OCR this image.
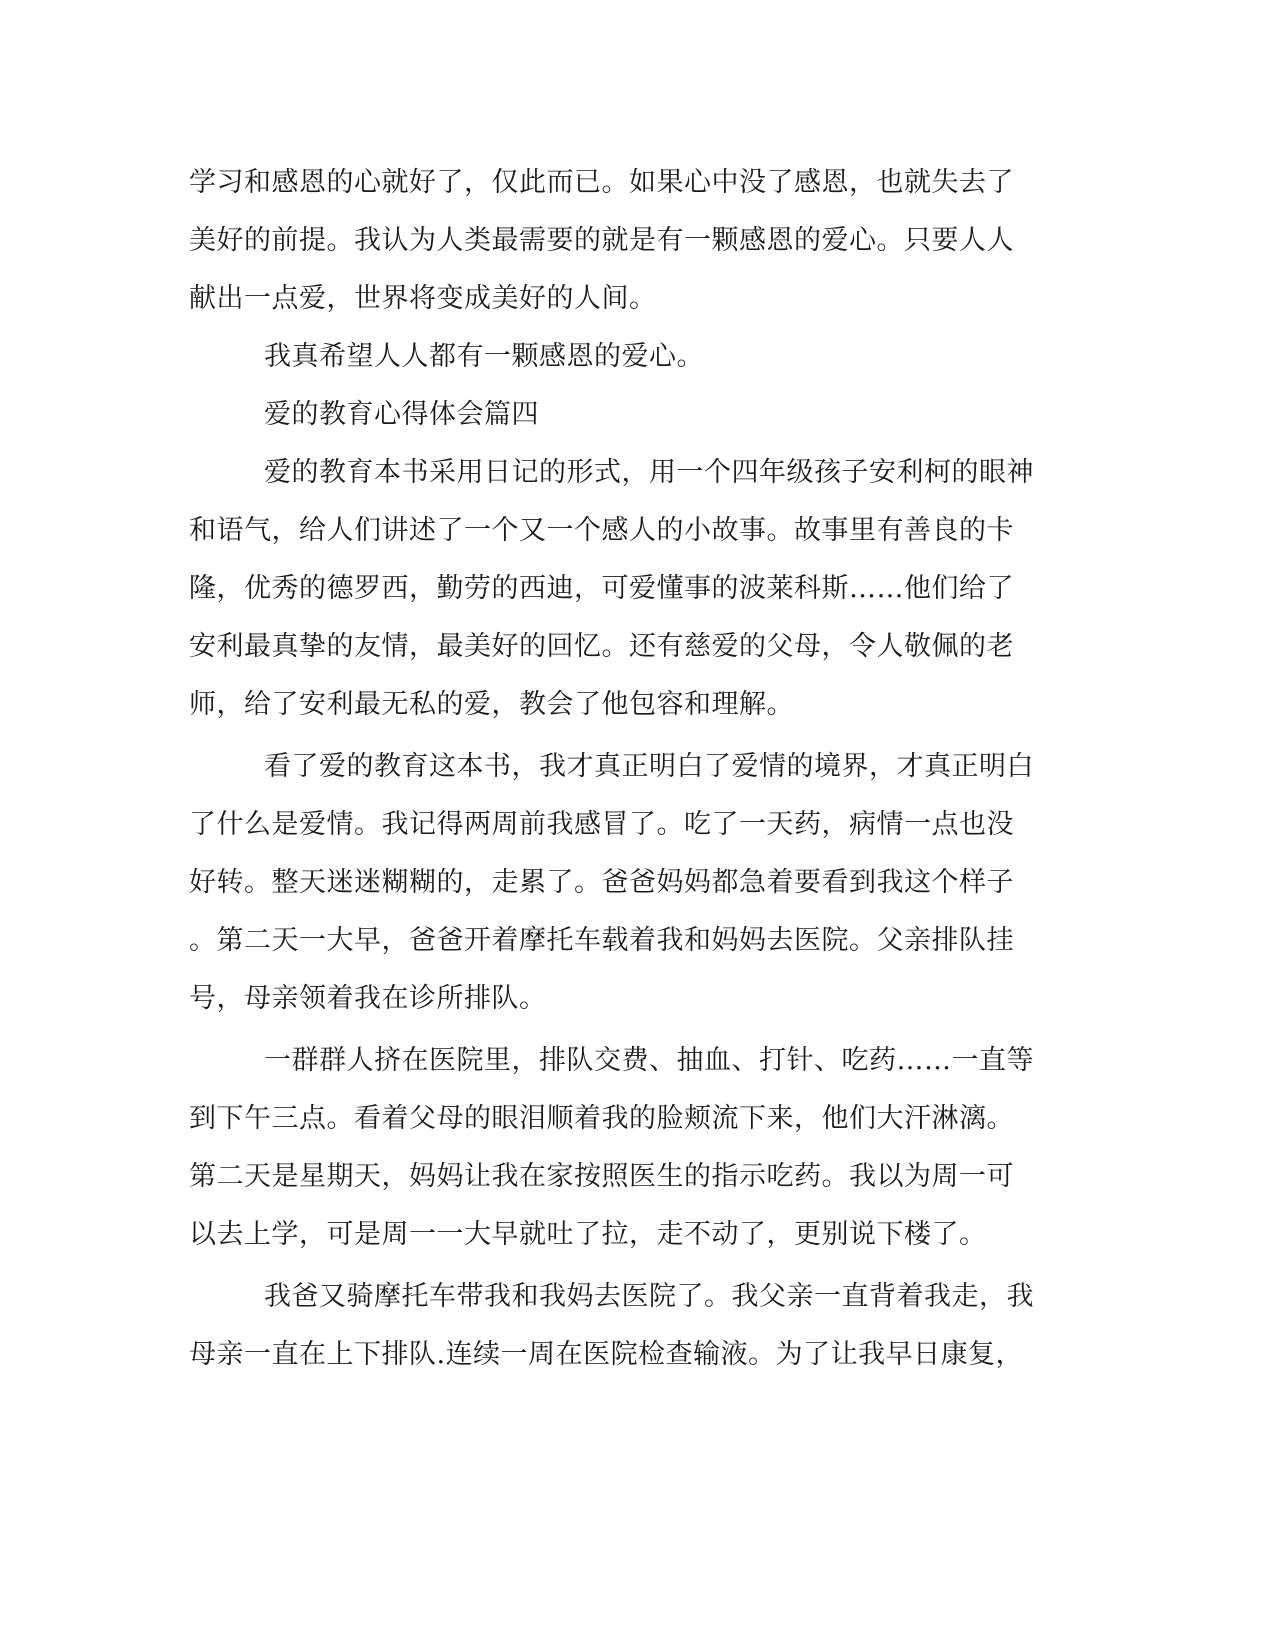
学习和感恩的心就好了，仅此而已。如果心中没了感恩，也就失去了
美好的前提。我认为人类最需要的就是有一颗感恩的爱心。只要人人
献出一点爱，世界将变成美好的人间。
我真希望人人都有一颗感恩的爱心。
爱的教育心得体会篇四
爱的教育本书采用日记的形式，用一个四年级孩子安利柯的眼神
和语气，给人们讲述了一个又一个感人的小故事。故事里有善良的卡
隆，优秀的德罗西，勤劳的西迪，可爱懂事的波莱科斯……他们给了
安利最真挚的友情，最美好的回忆。还有慈爱的父母，令人敬佩的老
师，给了安利最无私的爱，教会了他包容和理解。
看了爱的教育这本书，我才真正明白了爱情的境界，才真正明白
了什么是爱情。我记得两周前我感冒了。吃了一天药，病情一点也没
好转。整天迷迷糊糊的，走累了。爸爸妈妈都急着要看到我这个样子
。第二天一大早，爸爸开着摩托车载着我和妈妈去医院。父亲排队挂
号，母亲领着我在诊所排队。
一群群人挤在医院里，排队交费、抽血、打针、吃药……一直等
到下午三点。看着父母的眼泪顺着我的脸颊流下来，他们大汗淋漓。
第二天是星期天，妈妈让我在家按照医生的指示吃药。我以为周一可
以去上学，可是周一一大早就吐了拉，走不动了，更别说下楼了。
我爸又骑摩托车带我和我妈去医院了。我父亲一直背着我走，我
母亲一直在上下排队.连续一周在医院检查输液。为了让我早日康复，
